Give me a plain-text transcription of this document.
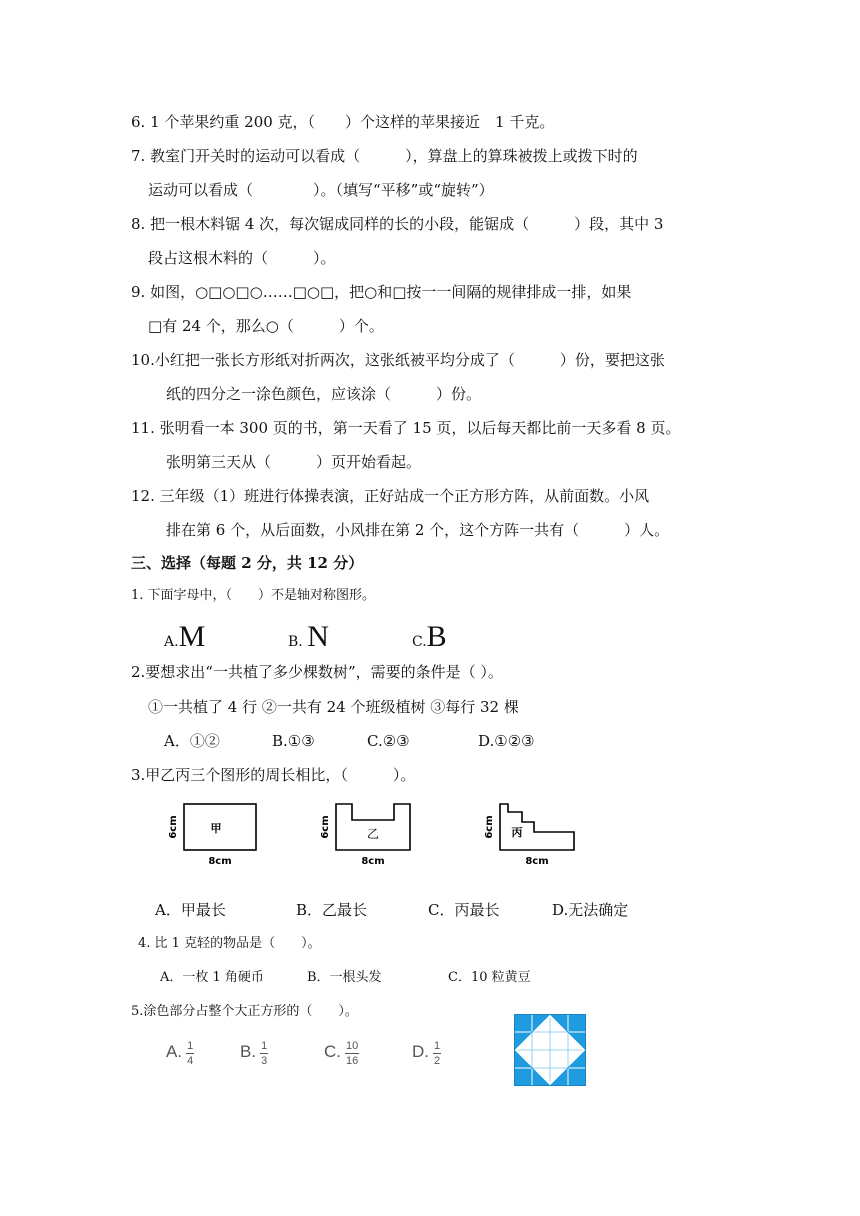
6. 1 个苹果约重 200 克，（　　）个这样的苹果接近　1 千克。
7. 教室门开关时的运动可以看成（　　　），算盘上的算珠被拨上或拨下时的
运动可以看成（　　　　）。（填写“平移”或“旋转”）
8. 把一根木料锯 4 次，每次锯成同样的长的小段，能锯成（　　　）段，其中 3
段占这根木料的（　　　）。
9. 如图，○□○□○……□○□，把○和□按一一间隔的规律排成一排，如果
□有 24 个，那么○（　　　）个。
10.小红把一张长方形纸对折两次，这张纸被平均分成了（　　　）份，要把这张
纸的四分之一涂色颜色，应该涂（　　　）份。
11. 张明看一本 300 页的书，第一天看了 15 页，以后每天都比前一天多看 8 页。
张明第三天从（　　　）页开始看起。
12. 三年级（1）班进行体操表演，正好站成一个正方形方阵，从前面数。小风
排在第 6 个，从后面数，小风排在第 2 个，这个方阵一共有（　　　）人。
三、选择（每题 2 分，共 12 分）
1. 下面字母中，（　　）不是轴对称图形。
A.M	B. N	C.B
2.要想求出“一共植了多少棵数树”，需要的条件是（ ）。
①一共植了 4 行 ②一共有 24 个班级植树 ③每行 32 棵
A．①②	B.①③	C.②③	D.①②③
3.甲乙丙三个图形的周长相比，（　　　）。
甲
6cm
8cm
乙
6cm
8cm
丙
6cm
8cm
A．甲最长	B．乙最长	C．丙最长	D.无法确定
4. 比 1 克轻的物品是（　　）。
A．一枚 1 角硬币	B．一根头发	C．10 粒黄豆
5.涂色部分占整个大正方形的（　　）。
A. $\frac{1}{4}$	B. $\frac{1}{3}$	C. $\frac{10}{16}$	D. $\frac{1}{2}$
